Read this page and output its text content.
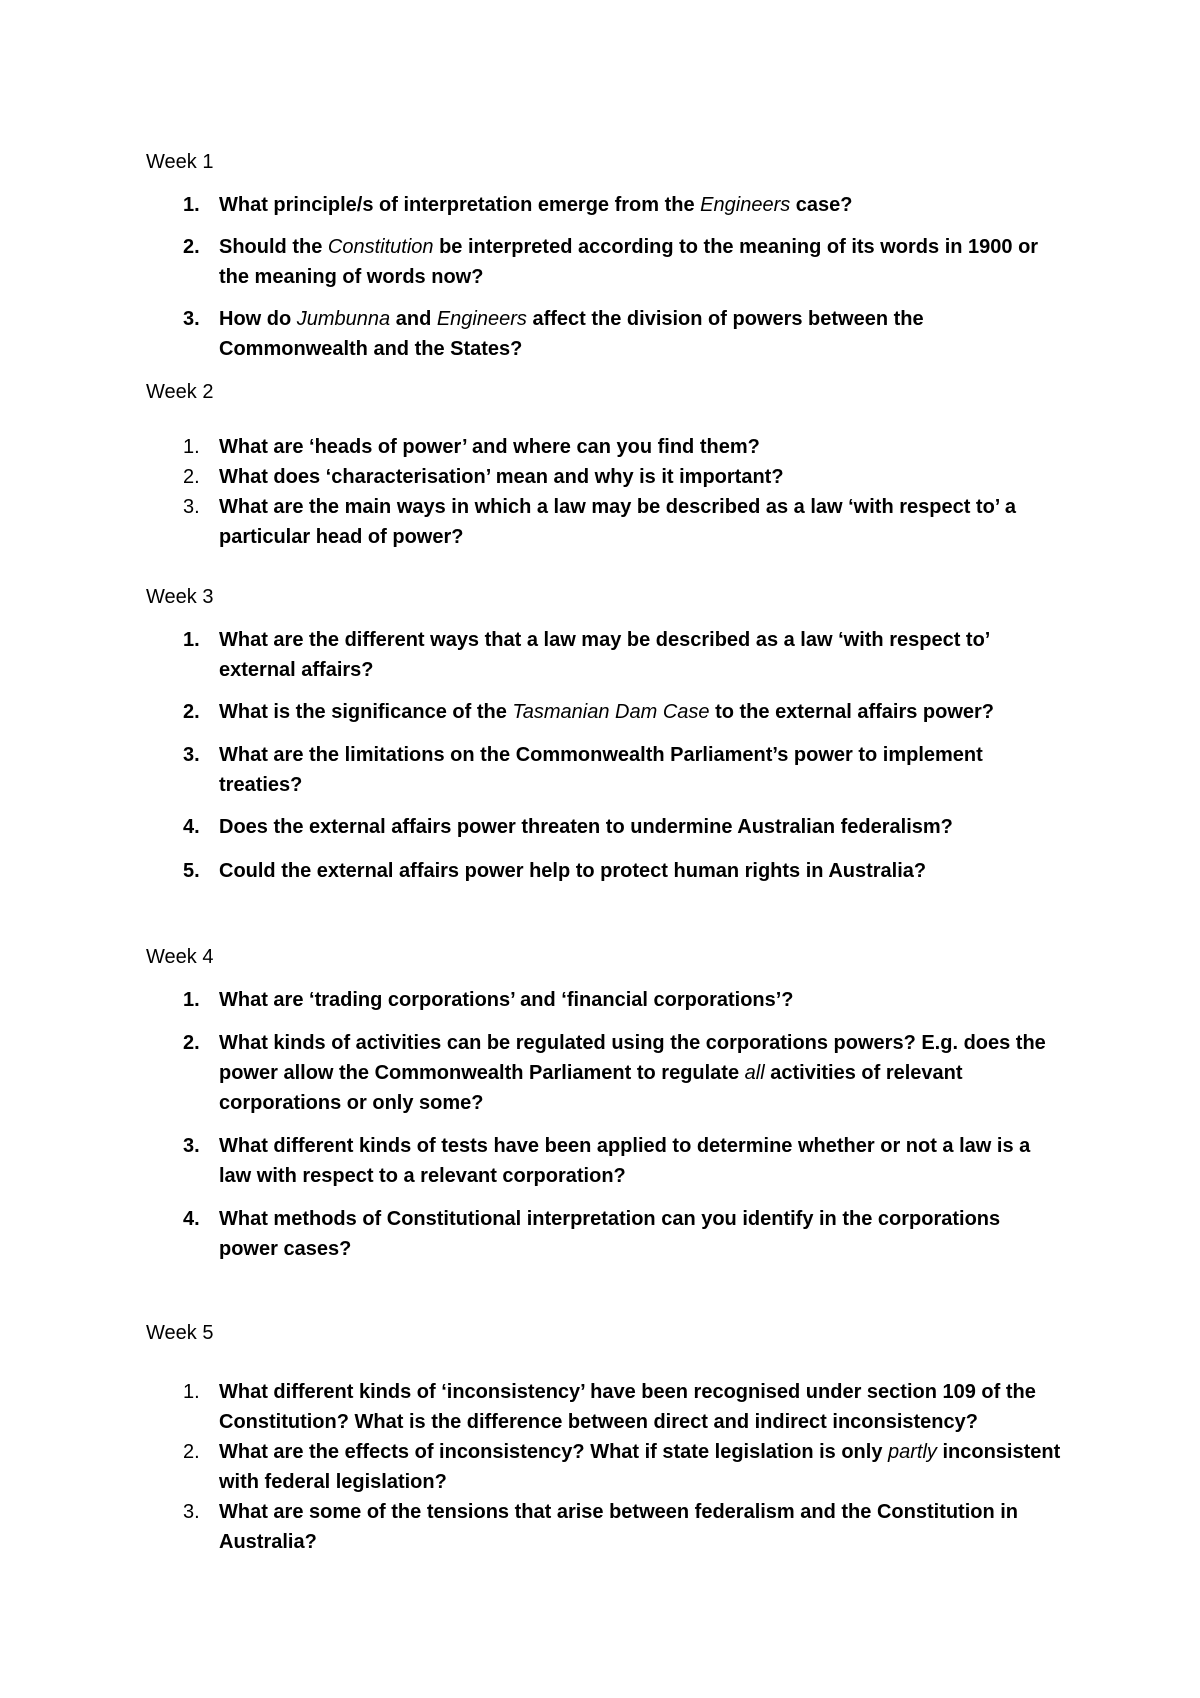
Week 1
1. What principle/s of interpretation emerge from the Engineers case?
2. Should the Constitution be interpreted according to the meaning of its words in 1900 or the meaning of words now?
3. How do Jumbunna and Engineers affect the division of powers between the Commonwealth and the States?
Week 2
1. What are ‘heads of power’ and where can you find them?
2. What does ‘characterisation’ mean and why is it important?
3. What are the main ways in which a law may be described as a law ‘with respect to’ a particular head of power?
Week 3
1. What are the different ways that a law may be described as a law ‘with respect to’ external affairs?
2. What is the significance of the Tasmanian Dam Case to the external affairs power?
3. What are the limitations on the Commonwealth Parliament’s power to implement treaties?
4. Does the external affairs power threaten to undermine Australian federalism?
5. Could the external affairs power help to protect human rights in Australia?
Week 4
1. What are ‘trading corporations’ and ‘financial corporations’?
2. What kinds of activities can be regulated using the corporations powers? E.g. does the power allow the Commonwealth Parliament to regulate all activities of relevant corporations or only some?
3. What different kinds of tests have been applied to determine whether or not a law is a law with respect to a relevant corporation?
4. What methods of Constitutional interpretation can you identify in the corporations power cases?
Week 5
1. What different kinds of ‘inconsistency’ have been recognised under section 109 of the Constitution? What is the difference between direct and indirect inconsistency?
2. What are the effects of inconsistency? What if state legislation is only partly inconsistent with federal legislation?
3. What are some of the tensions that arise between federalism and the Constitution in Australia?
